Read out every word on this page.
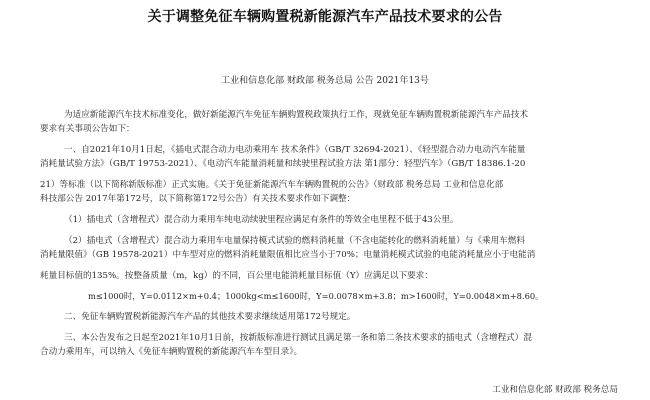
关于调整免征车辆购置税新能源汽车产品技术要求的公告
工业和信息化部 财政部 税务总局 公告 2021年13号
为适应新能源汽车技术标准变化，做好新能源汽车免征车辆购置税政策执行工作，现就免征车辆购置税新能源汽车产品技术
要求有关事项公告如下：
一、自2021年10月1日起，《插电式混合动力电动乘用车 技术条件》（GB/T 32694-2021）、《轻型混合动力电动汽车能量
消耗量试验方法》（GB/T 19753-2021）、《电动汽车能量消耗量和续驶里程试验方法 第1部分：轻型汽车》（GB/T 18386.1-20
21）等标准（以下简称新版标准）正式实施。《关于免征新能源汽车车辆购置税的公告》（财政部 税务总局 工业和信息化部
科技部公告 2017年第172号，以下简称第172号公告）有关技术要求作如下调整：
（1）插电式（含增程式）混合动力乘用车纯电动续驶里程应满足有条件的等效全电里程不低于43公里。
（2）插电式（含增程式）混合动力乘用车电量保持模式试验的燃料消耗量（不含电能转化的燃料消耗量）与《乘用车燃料
消耗量限值》（GB 19578-2021）中车型对应的燃料消耗量限值相比应当小于70%；电量消耗模式试验的电能消耗量应小于电能消
耗量目标值的135%。按整备质量（m，kg）的不同，百公里电能消耗量目标值（Y）应满足以下要求：
m≤1000时，Y=0.0112×m+0.4；1000kg<m≤1600时，Y=0.0078×m+3.8；m>1600时，Y=0.0048×m+8.60。
二、免征车辆购置税新能源汽车产品的其他技术要求继续适用第172号规定。
三、本公告发布之日起至2021年10月1日前，按新版标准进行测试且满足第一条和第二条技术要求的插电式（含增程式）混
合动力乘用车，可以纳入《免征车辆购置税的新能源汽车车型目录》。
工业和信息化部 财政部 税务总局
